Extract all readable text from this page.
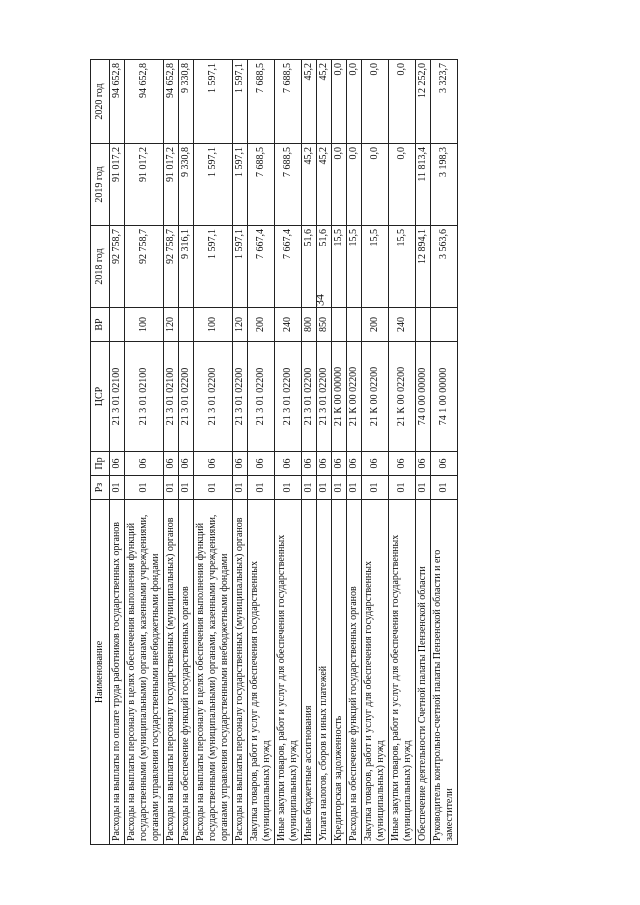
34
Наименование	Рз	Пр	ЦСР	ВР	2018 год	2019 год	2020 год
Расходы на выплаты по оплате труда работников государственных органов	01	06	21 3 01 02100		92 758,7	91 017,2	94 652,8
Расходы на выплаты персоналу в целях обеспечения выполнения функций государственными (муниципальными) органами, казенными учреждениями, органами управления государственными внебюджетными фондами	01	06	21 3 01 02100	100	92 758,7	91 017,2	94 652,8
Расходы на выплаты персоналу государственных (муниципальных) органов	01	06	21 3 01 02100	120	92 758,7	91 017,2	94 652,8
Расходы на обеспечение функций государственных органов	01	06	21 3 01 02200		9 316,1	9 330,8	9 330,8
Расходы на выплаты персоналу в целях обеспечения выполнения функций государственными (муниципальными) органами, казенными учреждениями, органами управления государственными внебюджетными фондами	01	06	21 3 01 02200	100	1 597,1	1 597,1	1 597,1
Расходы на выплаты персоналу государственных (муниципальных) органов	01	06	21 3 01 02200	120	1 597,1	1 597,1	1 597,1
Закупка товаров, работ и услуг для обеспечения государственных (муниципальных) нужд	01	06	21 3 01 02200	200	7 667,4	7 688,5	7 688,5
Иные закупки товаров, работ и услуг для обеспечения государственных (муниципальных) нужд	01	06	21 3 01 02200	240	7 667,4	7 688,5	7 688,5
Иные бюджетные ассигнования	01	06	21 3 01 02200	800	51,6	45,2	45,2
Уплата налогов, сборов и иных платежей	01	06	21 3 01 02200	850	51,6	45,2	45,2
Кредиторская задолженность	01	06	21 К 00 00000		15,5	0,0	0,0
Расходы на обеспечение функций государственных органов	01	06	21 К 00 02200		15,5	0,0	0,0
Закупка товаров, работ и услуг для обеспечения государственных (муниципальных) нужд	01	06	21 К 00 02200	200	15,5	0,0	0,0
Иные закупки товаров, работ и услуг для обеспечения государственных (муниципальных) нужд	01	06	21 К 00 02200	240	15,5	0,0	0,0
Обеспечение деятельности Счетной палаты Пензенской области	01	06	74 0 00 00000		12 894,1	11 813,4	12 252,0
Руководитель контрольно-счетной палаты Пензенской области и его заместители	01	06	74 1 00 00000		3 563,6	3 198,3	3 323,7
